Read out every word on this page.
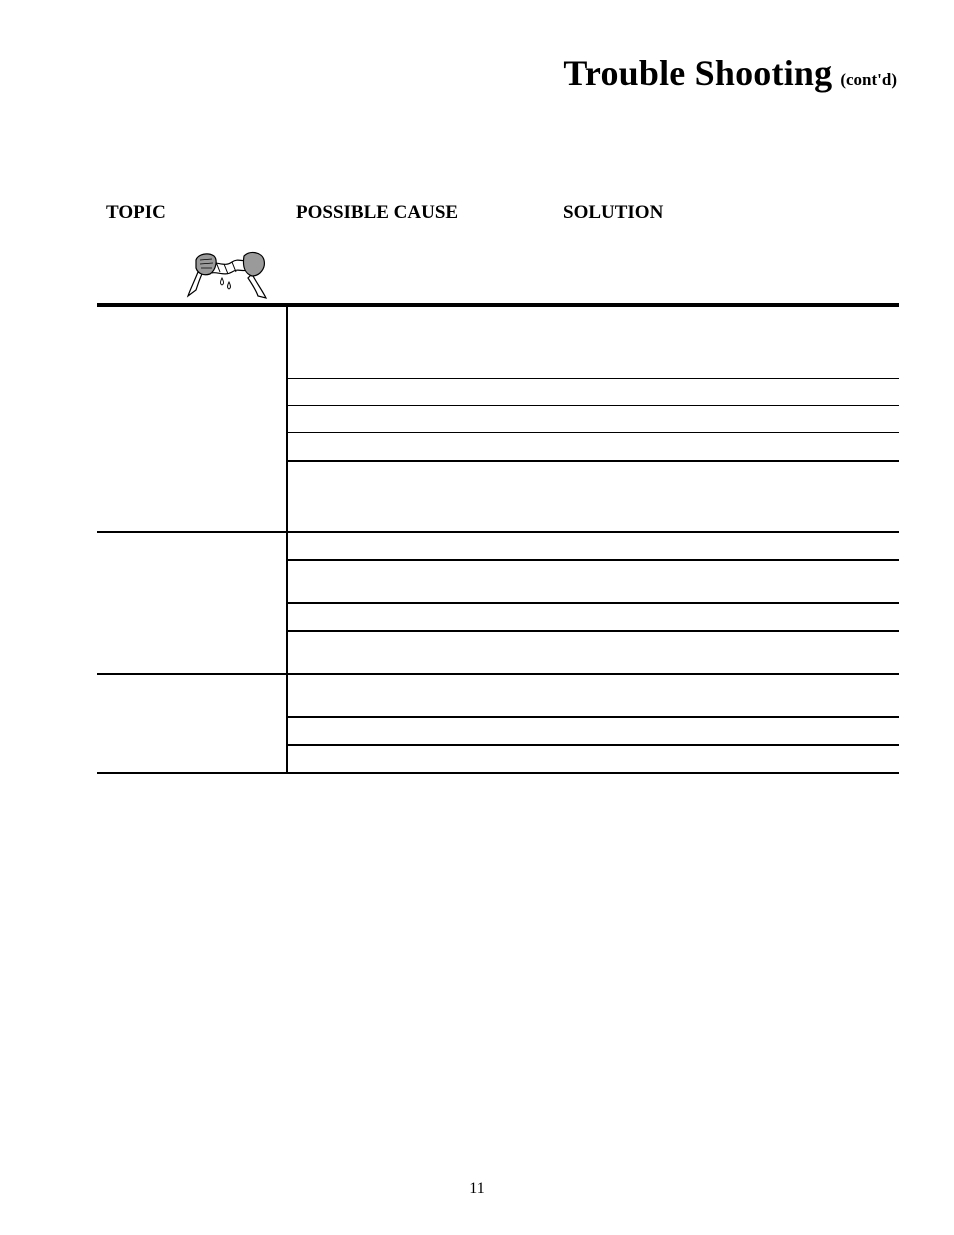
Trouble Shooting (cont'd)
TOPIC	POSSIBLE CAUSE	SOLUTION
11
